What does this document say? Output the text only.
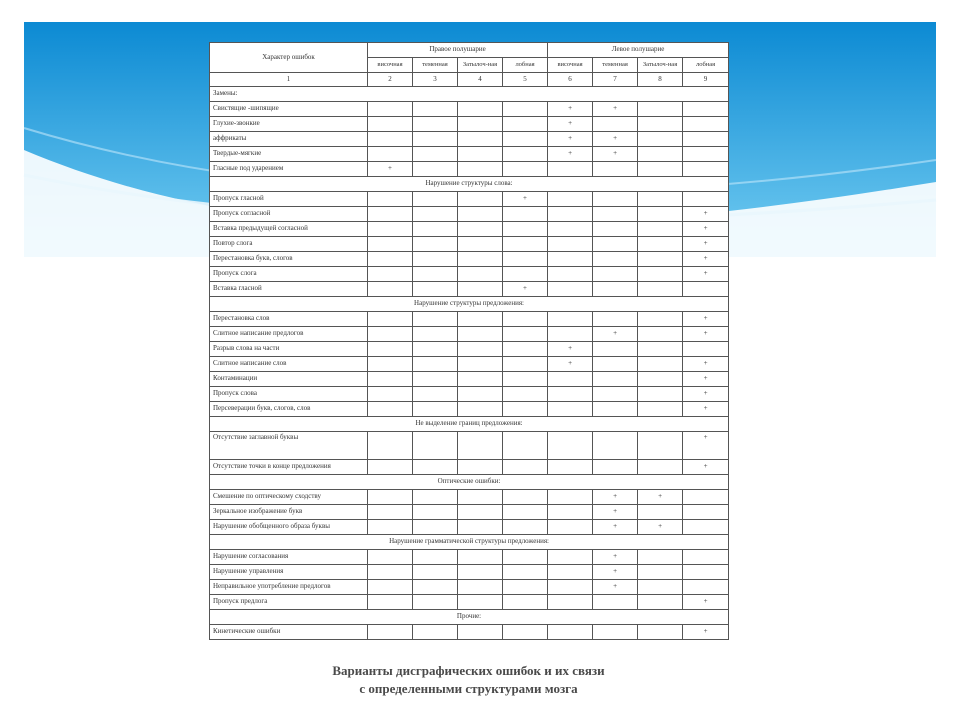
Характер ошибок	Правое полушарие				Левое полушарие			
	височная	теменная	Затылоч-ная	лобная	височная	теменная	Затылоч-ная	лобная
1	2	3	4	5	6	7	8	9
Замены:								
Свистящие -шипящие					+	+		
Глухие-звонкие					+			
аффрикаты					+	+		
Твердые-мягкие					+	+		
Гласные под ударением	+							
Нарушение структуры слова:								
Пропуск гласной				+				
Пропуск согласной								+
Вставка предыдущей согласной								+
Повтор слога								+
Перестановка букв, слогов								+
Пропуск слога								+
Вставка гласной				+				
Нарушение структуры предложения:								
Перестановка слов								+
Слитное написание предлогов						+		+
Разрыв слова на части					+			
Слитное написание слов					+			+
Контаминации								+
Пропуск слова								+
Персеверации букв, слогов, слов								+
Не выделение границ предложения:								
Отсутствие заглавной буквы								+
Отсутствие точки в конце предложения								+
Оптические ошибки:								
Смешение по оптическому сходству						+	+	
Зеркальное изображение букв						+		
Нарушение обобщенного образа буквы						+	+	
Нарушение грамматической структуры предложения:								
Нарушение согласования						+		
Нарушение управления						+		
Неправильное употребление предлогов						+		
Пропуск предлога								+
Прочие:								
Кинетические ошибки								+
Варианты дисграфических ошибок и их связи
с определенными структурами мозга
